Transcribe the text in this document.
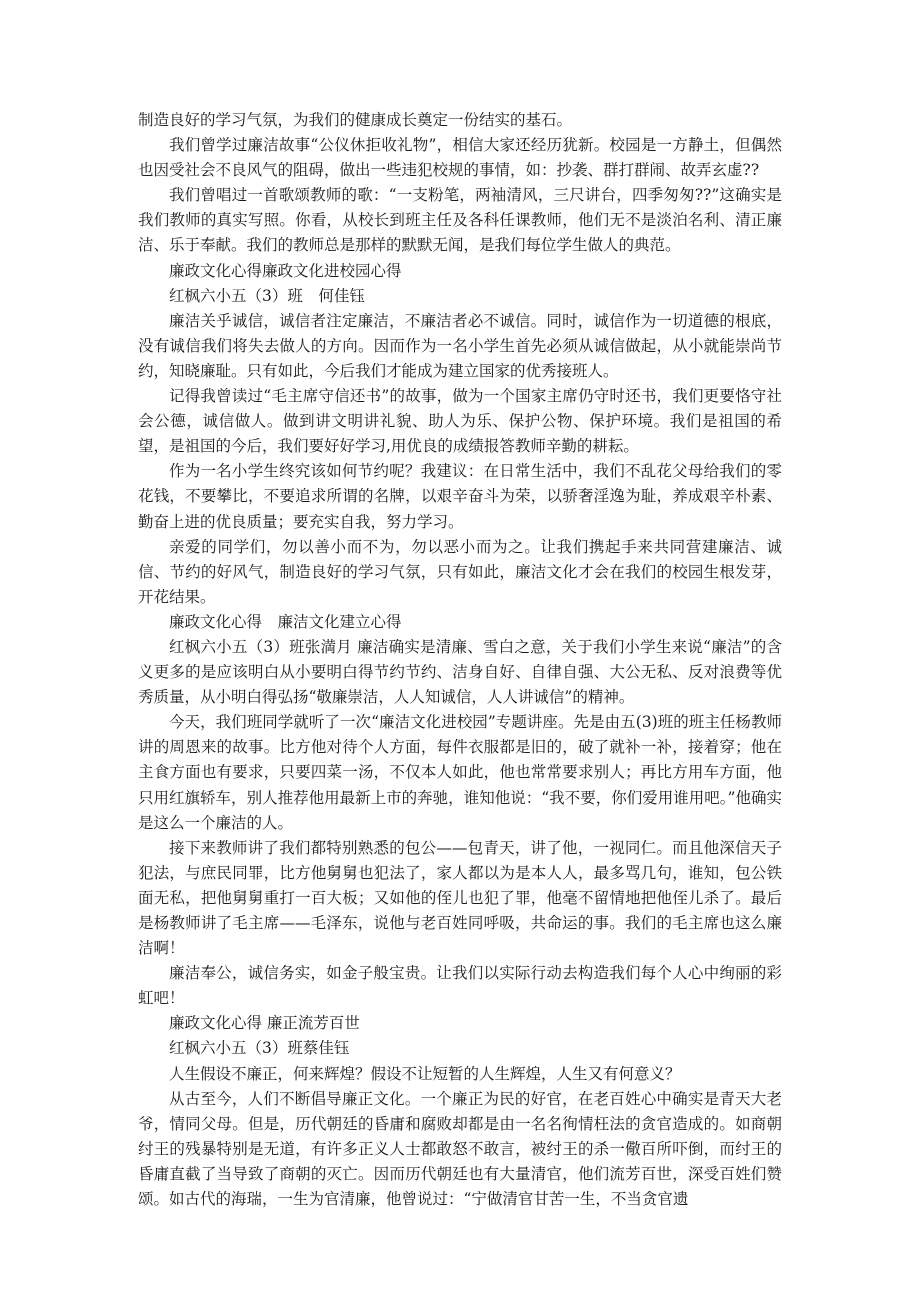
制造良好的学习气氛，为我们的健康成长奠定一份结实的基石。

我们曾学过廉洁故事“公仪休拒收礼物”，相信大家还经历犹新。校园是一方静土，但偶然也因受社会不良风气的阻碍，做出一些违犯校规的事情，如：抄袭、群打群闹、故弄玄虚??

我们曾唱过一首歌颂教师的歌：“一支粉笔，两袖清风，三尺讲台，四季匆匆??”这确实是我们教师的真实写照。你看，从校长到班主任及各科任课教师，他们无不是淡泊名利、清正廉洁、乐于奉献。我们的教师总是那样的默默无闻，是我们每位学生做人的典范。

廉政文化心得廉政文化进校园心得

红枫六小五（3）班　何佳钰

廉洁关乎诚信，诚信者注定廉洁，不廉洁者必不诚信。同时，诚信作为一切道德的根底，没有诚信我们将失去做人的方向。因而作为一名小学生首先必须从诚信做起，从小就能崇尚节约，知晓廉耻。只有如此，今后我们才能成为建立国家的优秀接班人。

记得我曾读过“毛主席守信还书”的故事，做为一个国家主席仍守时还书，我们更要恪守社会公德，诚信做人。做到讲文明讲礼貌、助人为乐、保护公物、保护环境。我们是祖国的希望，是祖国的今后，我们要好好学习,用优良的成绩报答教师辛勤的耕耘。

作为一名小学生终究该如何节约呢？我建议：在日常生活中，我们不乱花父母给我们的零花钱，不要攀比，不要追求所谓的名牌，以艰辛奋斗为荣，以骄奢淫逸为耻，养成艰辛朴素、勤奋上进的优良质量；要充实自我，努力学习。

亲爱的同学们，勿以善小而不为，勿以恶小而为之。让我们携起手来共同营建廉洁、诚信、节约的好风气，制造良好的学习气氛，只有如此，廉洁文化才会在我们的校园生根发芽，开花结果。

廉政文化心得　廉洁文化建立心得

红枫六小五（3）班张満月 廉洁确实是清廉、雪白之意，关于我们小学生来说“廉洁”的含义更多的是应该明白从小要明白得节约节约、洁身自好、自律自强、大公无私、反对浪费等优秀质量，从小明白得弘扬“敬廉崇洁，人人知诚信，人人讲诚信”的精神。

今天，我们班同学就听了一次“廉洁文化进校园”专题讲座。先是由五(3)班的班主任杨教师讲的周恩来的故事。比方他对待个人方面，每件衣服都是旧的，破了就补一补，接着穿；他在主食方面也有要求，只要四菜一汤，不仅本人如此，他也常常要求别人；再比方用车方面，他只用红旗轿车，别人推荐他用最新上市的奔驰，谁知他说：“我不要，你们爱用谁用吧。”他确实是这么一个廉洁的人。

接下来教师讲了我们都特别熟悉的包公——包青天，讲了他，一视同仁。而且他深信天子犯法，与庶民同罪，比方他舅舅也犯法了，家人都以为是本人人，最多骂几句，谁知，包公铁面无私，把他舅舅重打一百大板；又如他的侄儿也犯了罪，他毫不留情地把他侄儿杀了。最后是杨教师讲了毛主席——毛泽东，说他与老百姓同呼吸，共命运的事。我们的毛主席也这么廉洁啊！

廉洁奉公，诚信务实，如金子般宝贵。让我们以实际行动去构造我们每个人心中绚丽的彩虹吧！

廉政文化心得 廉正流芳百世

红枫六小五（3）班蔡佳钰

人生假设不廉正，何来辉煌？假设不让短暂的人生辉煌，人生又有何意义？

从古至今，人们不断倡导廉正文化。一个廉正为民的好官，在老百姓心中确实是青天大老爷，情同父母。但是，历代朝廷的昏庸和腐败却都是由一名名徇情枉法的贪官造成的。如商朝纣王的残暴特别是无道，有许多正义人士都敢怒不敢言，被纣王的杀一儆百所吓倒，而纣王的昏庸直截了当导致了商朝的灭亡。因而历代朝廷也有大量清官，他们流芳百世，深受百姓们赞颂。如古代的海瑞，一生为官清廉，他曾说过：“宁做清官甘苦一生，不当贪官遗
